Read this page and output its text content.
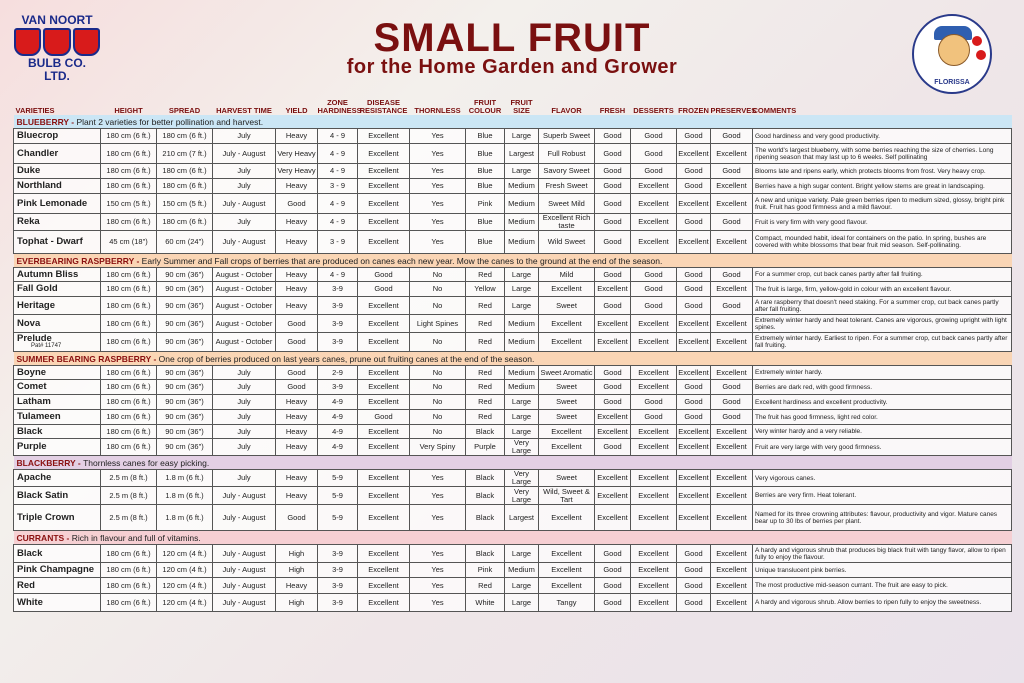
VAN NOORT
BULB CO. LTD.
SMALL FRUIT
for the Home Garden and Grower
FLORISSA
VARIETIES	HEIGHT	SPREAD	HARVEST TIME	YIELD	ZONE HARDINESS	DISEASE RESISTANCE	THORNLESS	FRUIT COLOUR	FRUIT SIZE	FLAVOR	FRESH	DESSERTS	FROZEN	PRESERVES	COMMENTS
BLUEBERRY - Plant 2 varieties for better pollination and harvest.															
Bluecrop	180 cm (6 ft.)	180 cm (6 ft.)	July	Heavy	4 - 9	Excellent	Yes	Blue	Large	Superb Sweet	Good	Good	Good	Good	Good hardiness and very good productivity.
Chandler	180 cm (6 ft.)	210 cm (7 ft.)	July - August	Very Heavy	4 - 9	Excellent	Yes	Blue	Largest	Full Robust	Good	Good	Excellent	Excellent	The world's largest blueberry, with some berries reaching the size of cherries. Long ripening season that may last up to 6 weeks. Self pollinating
Duke	180 cm (6 ft.)	180 cm (6 ft.)	July	Very Heavy	4 - 9	Excellent	Yes	Blue	Large	Savory Sweet	Good	Good	Good	Good	Blooms late and ripens early, which protects blooms from frost. Very heavy crop.
Northland	180 cm (6 ft.)	180 cm (6 ft.)	July	Heavy	3 - 9	Excellent	Yes	Blue	Medium	Fresh Sweet	Good	Excellent	Good	Excellent	Berries have a high sugar content. Bright yellow stems are great in landscaping.
Pink Lemonade	150 cm (5 ft.)	150 cm (5 ft.)	July - August	Good	4 - 9	Excellent	Yes	Pink	Medium	Sweet Mild	Good	Excellent	Excellent	Excellent	A new and unique variety. Pale green berries ripen to medium sized, glossy, bright pink fruit. Fruit has good firmness and a mild flavour.
Reka	180 cm (6 ft.)	180 cm (6 ft.)	July	Heavy	4 - 9	Excellent	Yes	Blue	Medium	Excellent Rich taste	Good	Excellent	Good	Good	Fruit is very firm with very good flavour.
Tophat - Dwarf	45 cm (18")	60 cm (24")	July - August	Heavy	3 - 9	Excellent	Yes	Blue	Medium	Wild Sweet	Good	Excellent	Excellent	Excellent	Compact, mounded habit, ideal for containers on the patio. In spring, bushes are covered with white blossoms that bear fruit mid season. Self-pollinating.
EVERBEARING RASPBERRY - Early Summer and Fall crops of berries that are produced on canes each new year. Mow the canes to the ground at the end of the season.															
Autumn Bliss	180 cm (6 ft.)	90 cm (36")	August - October	Heavy	4 - 9	Good	No	Red	Large	Mild	Good	Good	Good	Good	For a summer crop, cut back canes partly after fall fruiting.
Fall Gold	180 cm (6 ft.)	90 cm (36")	August - October	Heavy	3-9	Good	No	Yellow	Large	Excellent	Excellent	Good	Good	Excellent	The fruit is large, firm, yellow-gold in colour with an excellent flavour.
Heritage	180 cm (6 ft.)	90 cm (36")	August - October	Heavy	3-9	Excellent	No	Red	Large	Sweet	Good	Good	Good	Good	A rare raspberry that doesn't need staking. For a summer crop, cut back canes partly after fall fruiting.
Nova	180 cm (6 ft.)	90 cm (36")	August - October	Good	3-9	Excellent	Light Spines	Red	Medium	Excellent	Excellent	Excellent	Excellent	Excellent	Extremely winter hardy and heat tolerant. Canes are vigorous, growing upright with light spines.
Prelude
Pat# 11747	180 cm (6 ft.)	90 cm (36")	August - October	Good	3-9	Excellent	No	Red	Medium	Excellent	Excellent	Excellent	Excellent	Excellent	Extremely winter hardy. Earliest to ripen. For a summer crop, cut back canes partly after fall fruiting.
SUMMER BEARING RASPBERRY - One crop of berries produced on last years canes, prune out fruiting canes at the end of the season.															
Boyne	180 cm (6 ft.)	90 cm (36")	July	Good	2-9	Excellent	No	Red	Medium	Sweet Aromatic	Good	Excellent	Excellent	Excellent	Extremely winter hardy.
Comet	180 cm (6 ft.)	90 cm (36")	July	Good	3-9	Excellent	No	Red	Medium	Sweet	Good	Excellent	Good	Good	Berries are dark red, with good firmness.
Latham	180 cm (6 ft.)	90 cm (36")	July	Heavy	4-9	Excellent	No	Red	Large	Sweet	Good	Good	Good	Good	Excellent hardiness and excellent productivity.
Tulameen	180 cm (6 ft.)	90 cm (36")	July	Heavy	4-9	Good	No	Red	Large	Sweet	Excellent	Good	Good	Good	The fruit has good firmness, light red color.
Black	180 cm (6 ft.)	90 cm (36")	July	Heavy	4-9	Excellent	No	Black	Large	Excellent	Excellent	Excellent	Excellent	Excellent	Very winter hardy and a very reliable.
Purple	180 cm (6 ft.)	90 cm (36")	July	Heavy	4-9	Excellent	Very Spiny	Purple	Very Large	Excellent	Good	Excellent	Excellent	Excellent	Fruit are very large with very good firmness.
BLACKBERRY - Thornless canes for easy picking.															
Apache	2.5 m (8 ft.)	1.8 m (6 ft.)	July	Heavy	5-9	Excellent	Yes	Black	Very Large	Sweet	Excellent	Excellent	Excellent	Excellent	Very vigorous canes.
Black Satin	2.5 m (8 ft.)	1.8 m (6 ft.)	July - August	Heavy	5-9	Excellent	Yes	Black	Very Large	Wild, Sweet & Tart	Excellent	Excellent	Excellent	Excellent	Berries are very firm. Heat tolerant.
Triple Crown	2.5 m (8 ft.)	1.8 m (6 ft.)	July - August	Good	5-9	Excellent	Yes	Black	Largest	Excellent	Excellent	Excellent	Excellent	Excellent	Named for its three crowning attributes: flavour, productivity and vigor. Mature canes bear up to 30 lbs of berries per plant.
CURRANTS - Rich in flavour and full of vitamins.															
Black	180 cm (6 ft.)	120 cm (4 ft.)	July - August	High	3-9	Excellent	Yes	Black	Large	Excellent	Good	Excellent	Good	Excellent	A hardy and vigorous shrub that produces big black fruit with tangy flavor, allow to ripen fully to enjoy the flavour.
Pink Champagne	180 cm (6 ft.)	120 cm (4 ft.)	July - August	High	3-9	Excellent	Yes	Pink	Medium	Excellent	Good	Excellent	Good	Excellent	Unique translucent pink berries.
Red	180 cm (6 ft.)	120 cm (4 ft.)	July - August	Heavy	3-9	Excellent	Yes	Red	Large	Excellent	Good	Excellent	Good	Excellent	The most productive mid-season currant. The fruit are easy to pick.
White	180 cm (6 ft.)	120 cm (4 ft.)	July - August	High	3-9	Excellent	Yes	White	Large	Tangy	Good	Excellent	Good	Excellent	A hardy and vigorous shrub. Allow berries to ripen fully to enjoy the sweetness.
